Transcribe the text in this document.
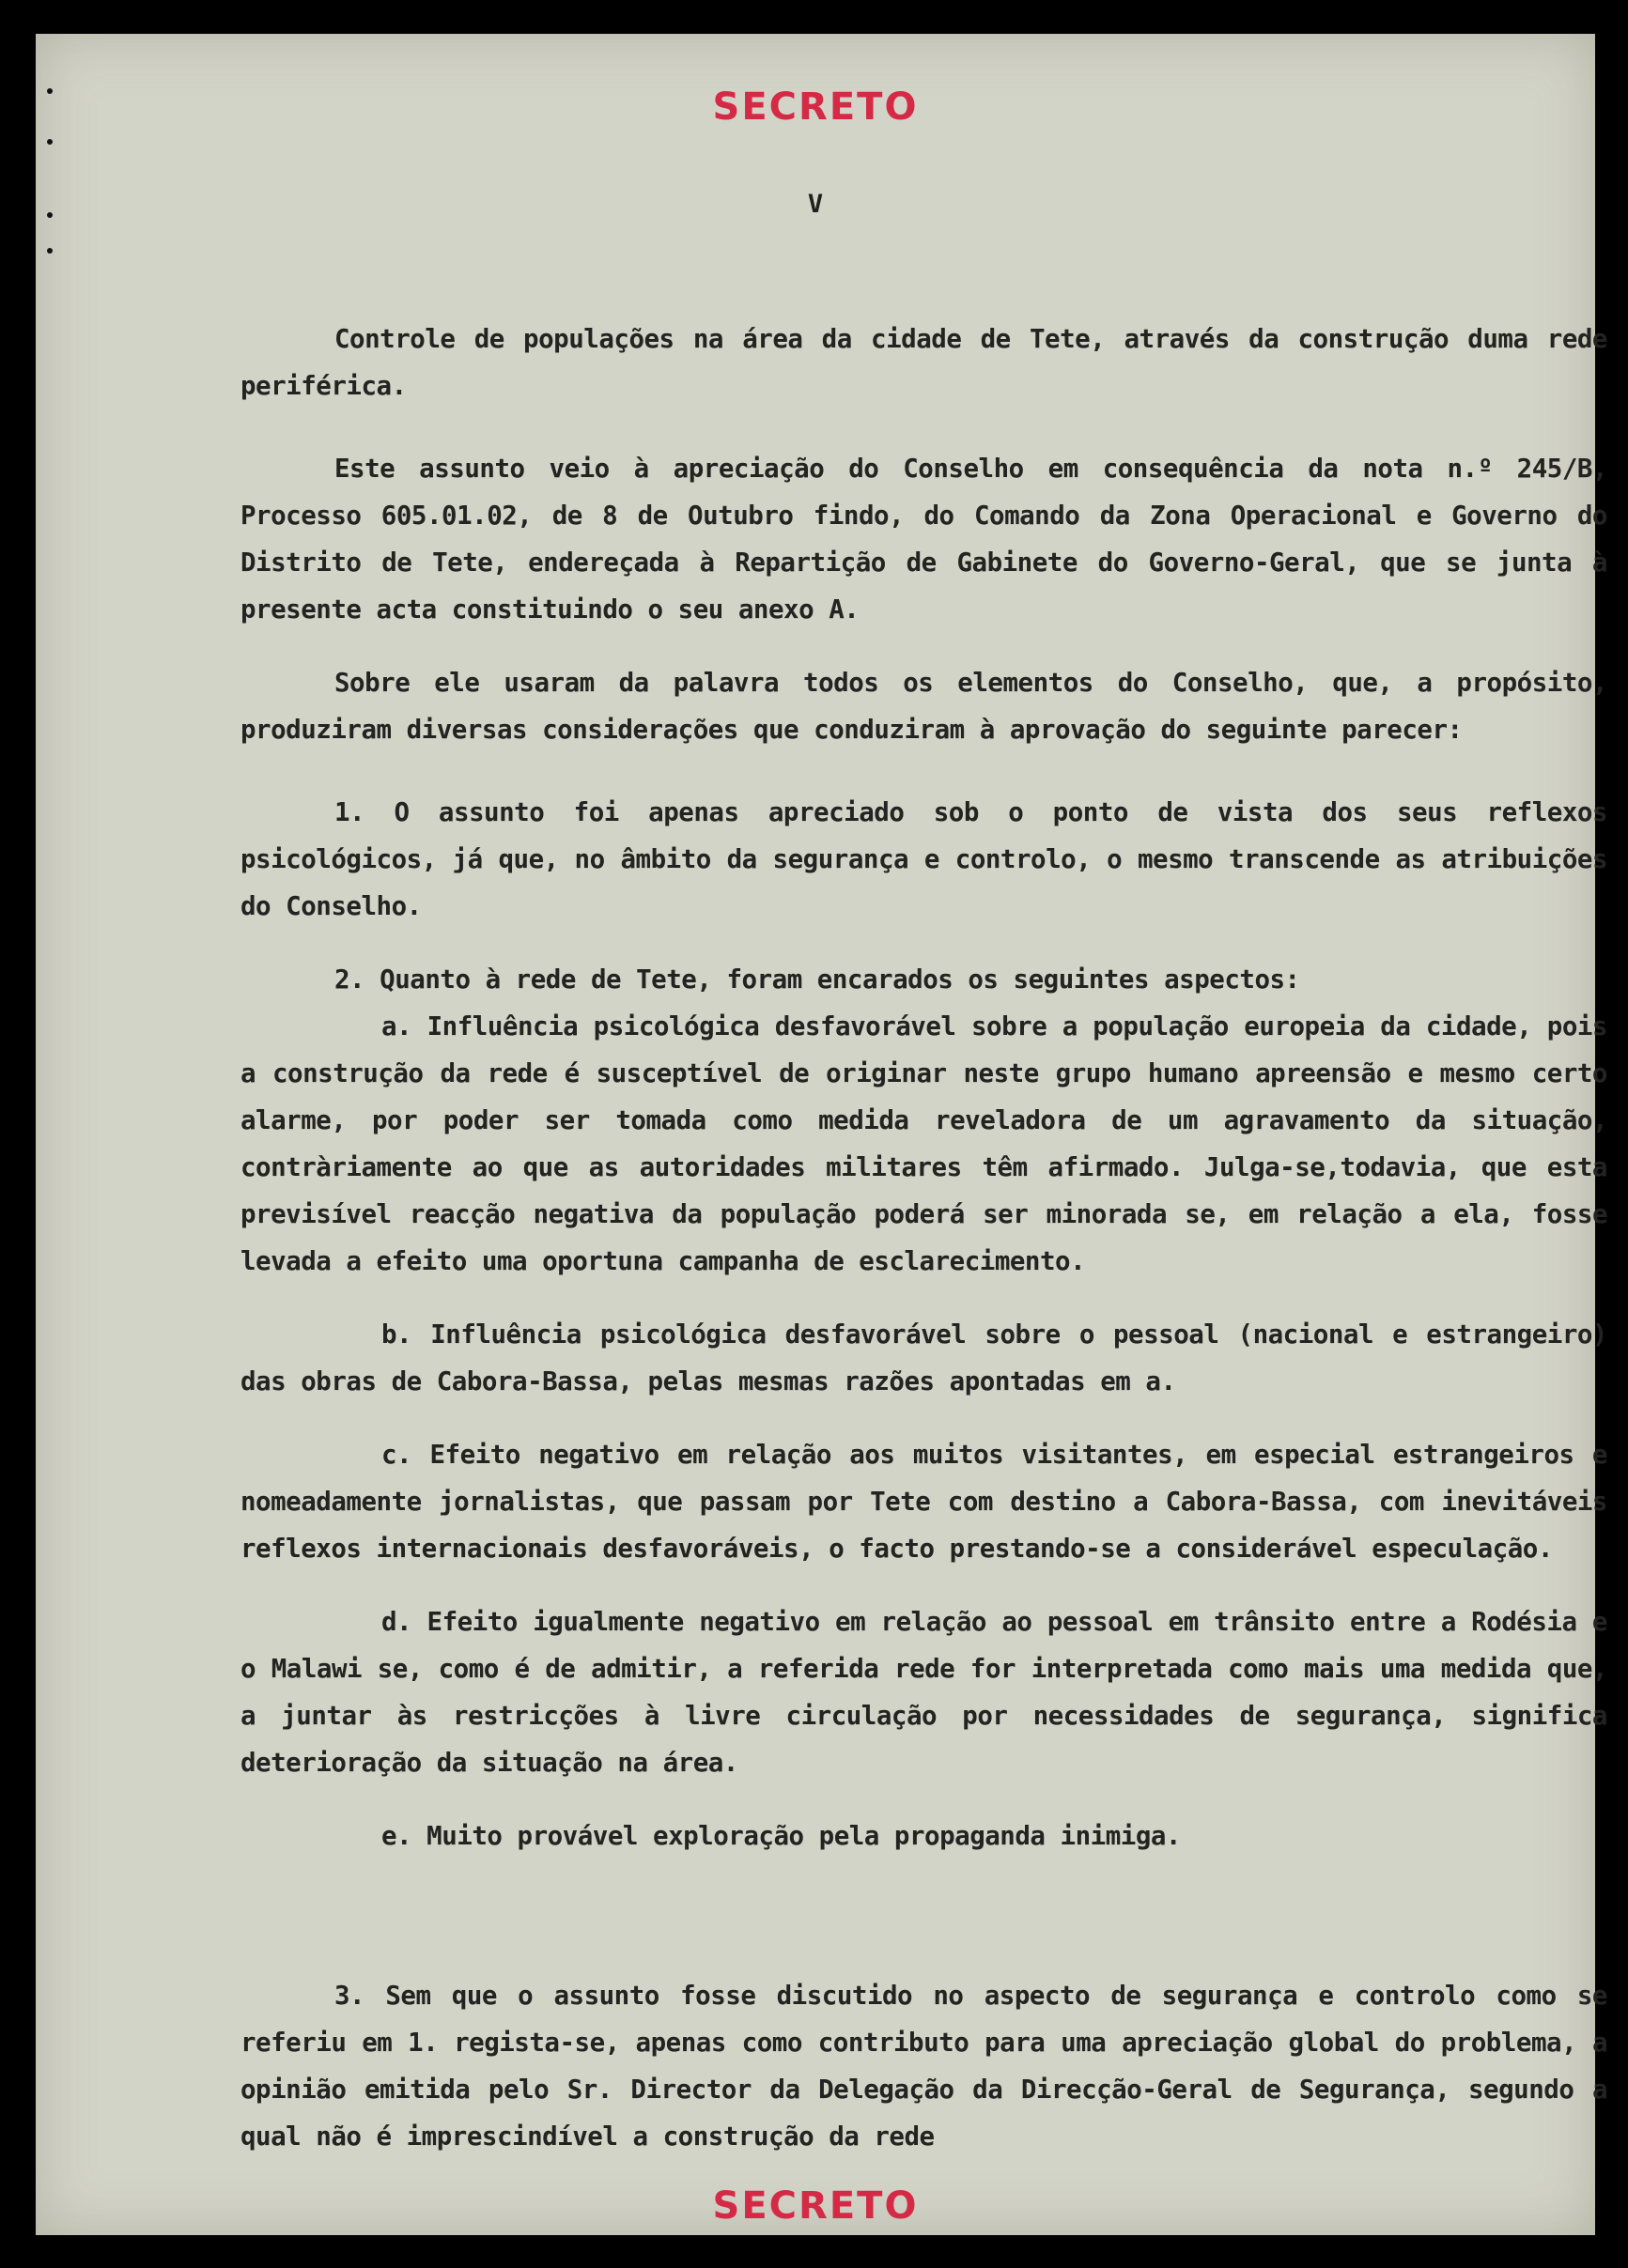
SECRETO
V

Controle de populações na área da cidade de Tete, através da construção duma rede periférica.

Este assunto veio à apreciação do Conselho em consequência da nota n.º 245/B, Processo 605.01.02, de 8 de Outubro findo, do Comando da Zona Operacional e Governo do Distrito de Tete, endereçada à Repartição de Gabinete do Governo-Geral, que se junta à presente acta constituindo o seu anexo A.

Sobre ele usaram da palavra todos os elementos do Conselho, que, a propósito, produziram diversas considerações que conduziram à aprovação do seguinte parecer:

1. O assunto foi apenas apreciado sob o ponto de vista dos seus reflexos psicológicos, já que, no âmbito da segurança e controlo, o mesmo transcende as atribuições do Conselho.

2. Quanto à rede de Tete, foram encarados os seguintes aspectos:

a. Influência psicológica desfavorável sobre a população europeia da cidade, pois a construção da rede é susceptível de originar neste grupo humano apreensão e mesmo certo alarme, por poder ser tomada como medida reveladora de um agravamento da situação, contràriamente ao que as autoridades militares têm afirmado. Julga-se,todavia, que esta previsível reacção negativa da população poderá ser minorada se, em relação a ela, fosse levada a efeito uma oportuna campanha de esclarecimento.

b. Influência psicológica desfavorável sobre o pessoal (nacional e estrangeiro) das obras de Cabora-Bassa, pelas mesmas razões apontadas em a.

c. Efeito negativo em relação aos muitos visitantes, em especial estrangeiros e nomeadamente jornalistas, que passam por Tete com destino a Cabora-Bassa, com inevitáveis reflexos internacionais desfavoráveis, o facto prestando-se a considerável especulação.

d. Efeito igualmente negativo em relação ao pessoal em trânsito entre a Rodésia e o Malawi se, como é de admitir, a referida rede for interpretada como mais uma medida que, a juntar às restricções à livre circulação por necessidades de segurança, significa deterioração da situação na área.

e. Muito provável exploração pela propaganda inimiga.

3. Sem que o assunto fosse discutido no aspecto de segurança e controlo como se referiu em 1. regista-se, apenas como contributo para uma apreciação global do problema, a opinião emitida pelo Sr. Director da Delegação da Direcção-Geral de Segurança, segundo a qual não é imprescindível a construção da rede

SECRETO
